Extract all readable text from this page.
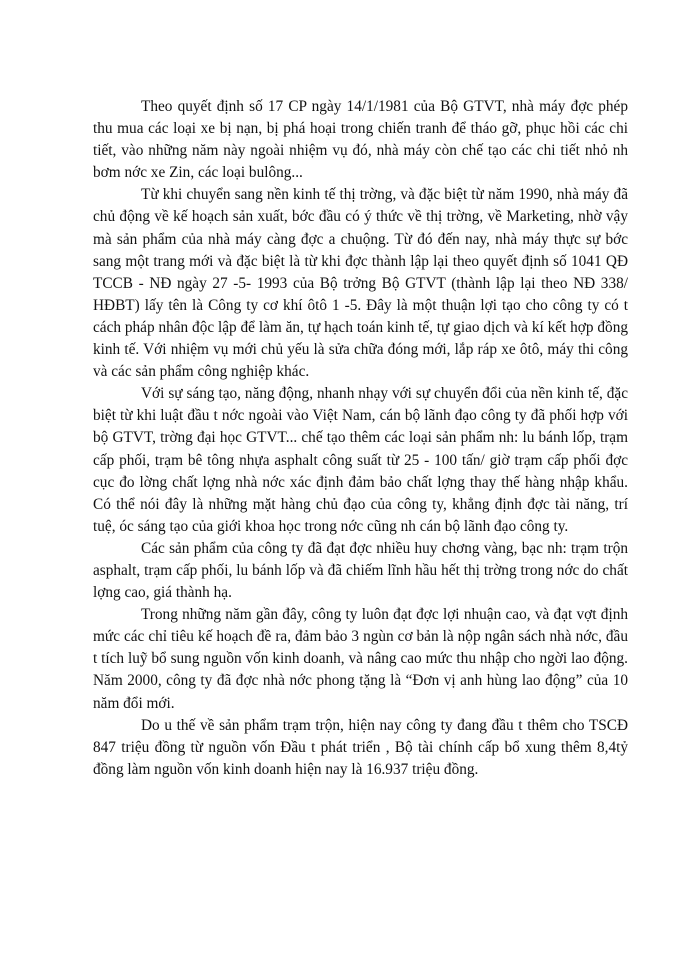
Theo quyết định số 17 CP ngày 14/1/1981 của Bộ GTVT, nhà máy đợc phép thu mua các loại xe bị nạn, bị phá hoại trong chiến tranh để tháo gỡ, phục hồi các chi tiết, vào những năm này ngoài nhiệm vụ đó, nhà máy còn chế tạo các chi tiết nhỏ nh bơm nớc xe Zin, các loại bulông...

Từ khi chuyển sang nền kinh tế thị trờng, và đặc biệt từ năm 1990, nhà máy đã chủ động về kế hoạch sản xuất, bớc đầu có ý thức về thị trờng, về Marketing, nhờ vậy mà sản phẩm của nhà máy càng đợc a chuộng. Từ đó đến nay, nhà máy thực sự bớc sang một trang mới và đặc biệt là từ khi đợc thành lập lại theo quyết định số 1041 QĐ TCCB - NĐ ngày 27 -5- 1993 của Bộ trởng Bộ GTVT (thành lập lại theo NĐ 338/ HĐBT) lấy tên là Công ty cơ khí ôtô 1 -5. Đây là một thuận lợi tạo cho công ty có t cách pháp nhân độc lập để làm ăn, tự hạch toán kinh tế, tự giao dịch và kí kết hợp đồng kinh tế. Với nhiệm vụ mới chủ yếu là sửa chữa đóng mới, lắp ráp xe ôtô, máy thi công và các sản phẩm công nghiệp khác.

Với sự sáng tạo, năng động, nhanh nhạy với sự chuyển đổi của nền kinh tế, đặc biệt từ khi luật đầu t nớc ngoài vào Việt Nam, cán bộ lãnh đạo công ty đã phối hợp với bộ GTVT, trờng đại học GTVT... chế tạo thêm các loại sản phẩm nh: lu bánh lốp, trạm cấp phối, trạm bê tông nhựa asphalt công suất từ 25 - 100 tấn/ giờ trạm cấp phối đợc cục đo lờng chất lợng nhà nớc xác định đảm bảo chất lợng thay thế hàng nhập khẩu. Có thể nói đây là những mặt hàng chủ đạo của công ty, khẳng định đợc tài năng, trí tuệ, óc sáng tạo của giới khoa học trong nớc cũng nh cán bộ lãnh đạo công ty.

Các sản phẩm của công ty đã đạt đợc nhiều huy chơng vàng, bạc nh: trạm trộn asphalt, trạm cấp phối, lu bánh lốp và đã chiếm lĩnh hầu hết thị trờng trong nớc do chất lợng cao, giá thành hạ.

Trong những năm gần đây, công ty luôn đạt đợc lợi nhuận cao, và đạt vợt định mức các chỉ tiêu kế hoạch đề ra, đảm bảo 3 ngùn cơ bản là nộp ngân sách nhà nớc, đầu t tích luỹ bổ sung nguồn vốn kinh doanh, và nâng cao mức thu nhập cho ngời lao động. Năm 2000, công ty đã đợc nhà nớc phong tặng là “Đơn vị anh hùng lao động” của 10 năm đổi mới.

Do u thế về sản phẩm trạm trộn, hiện nay công ty đang đầu t thêm cho TSCĐ 847 triệu đồng từ nguồn vốn Đầu t phát triển , Bộ tài chính cấp bổ xung thêm 8,4tỷ đồng làm nguồn vốn kinh doanh hiện nay là 16.937 triệu đồng.
